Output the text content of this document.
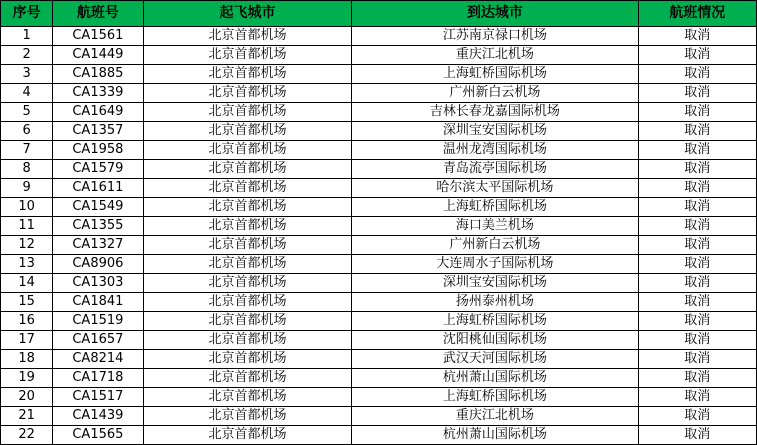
序号	航班号	起飞城市	到达城市	航班情况
1	CA1561	北京首都机场	江苏南京禄口机场	取消
2	CA1449	北京首都机场	重庆江北机场	取消
3	CA1885	北京首都机场	上海虹桥国际机场	取消
4	CA1339	北京首都机场	广州新白云机场	取消
5	CA1649	北京首都机场	吉林长春龙嘉国际机场	取消
6	CA1357	北京首都机场	深圳宝安国际机场	取消
7	CA1958	北京首都机场	温州龙湾国际机场	取消
8	CA1579	北京首都机场	青岛流亭国际机场	取消
9	CA1611	北京首都机场	哈尔滨太平国际机场	取消
10	CA1549	北京首都机场	上海虹桥国际机场	取消
11	CA1355	北京首都机场	海口美兰机场	取消
12	CA1327	北京首都机场	广州新白云机场	取消
13	CA8906	北京首都机场	大连周水子国际机场	取消
14	CA1303	北京首都机场	深圳宝安国际机场	取消
15	CA1841	北京首都机场	扬州泰州机场	取消
16	CA1519	北京首都机场	上海虹桥国际机场	取消
17	CA1657	北京首都机场	沈阳桃仙国际机场	取消
18	CA8214	北京首都机场	武汉天河国际机场	取消
19	CA1718	北京首都机场	杭州萧山国际机场	取消
20	CA1517	北京首都机场	上海虹桥国际机场	取消
21	CA1439	北京首都机场	重庆江北机场	取消
22	CA1565	北京首都机场	杭州萧山国际机场	取消
